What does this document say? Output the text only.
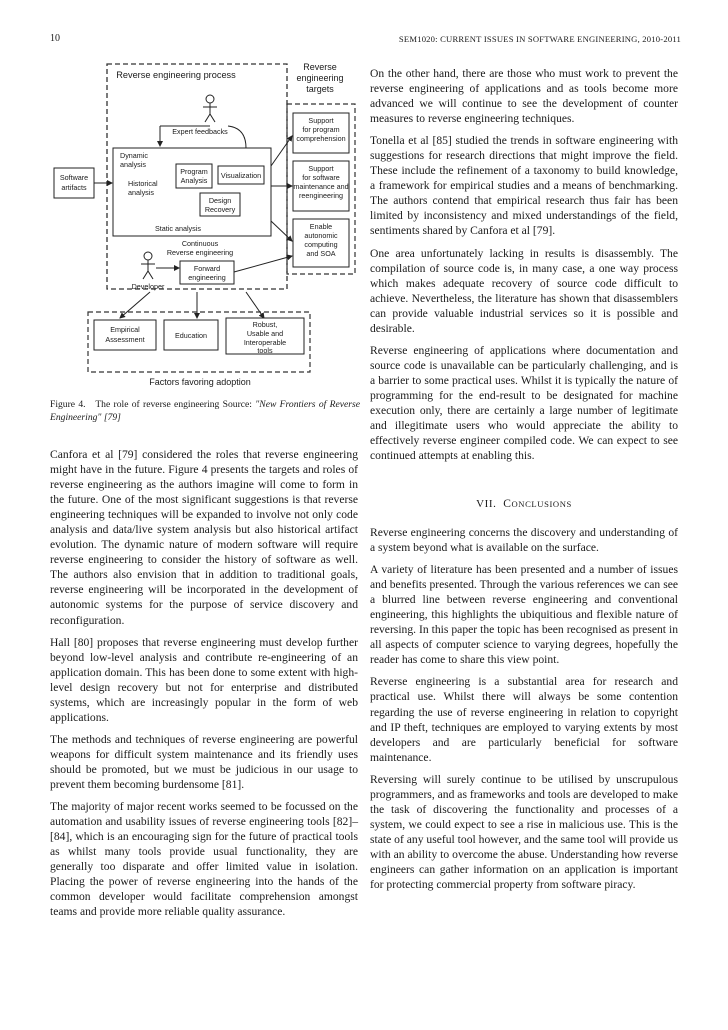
10	SEM1020: CURRENT ISSUES IN SOFTWARE ENGINEERING, 2010-2011
Reverse engineering process
Reverse
engineering
targets
Expert feedbacks
Software
artifacts
Dynamic
analysis
Historical
analysis
Program
Analysis
Visualization
Design
Recovery
Static analysis
Continuous
Reverse engineering
Forward
engineering
Developer
Support
for program
comprehension
Support
for software
maintenance and
reengineering
Enable
autonomic
computing
and SOA
Empirical
Assessment	Education
Robust,
Usable and
Interoperable
tools
Factors favoring adoption
Figure 4. The role of reverse engineering Source: "New Frontiers of Reverse Engineering" [79]

Canfora et al [79] considered the roles that reverse engineering might have in the future. Figure 4 presents the targets and roles of reverse engineering as the authors imagine will come to form in the future. One of the most significant suggestions is that reverse engineering techniques will be expanded to involve not only code analysis and data/live system analysis but also historical artifact evolution. The dynamic nature of modern software will require reverse engineering to consider the history of software as well. The authors also envision that in addition to traditional goals, reverse engineering will be incorporated in the development of autonomic systems for the purpose of service discovery and reconfiguration.

Hall [80] proposes that reverse engineering must develop further beyond low-level analysis and contribute re-engineering of an application domain. This has been done to some extent with high-level design recovery but not for enterprise and distributed systems, which are increasingly popular in the form of web applications.

The methods and techniques of reverse engineering are powerful weapons for difficult system maintenance and its friendly uses should be promoted, but we must be judicious in our usage to prevent them becoming burdensome [81].

The majority of major recent works seemed to be focussed on the automation and usability issues of reverse engineering tools [82]–[84], which is an encouraging sign for the future of practical tools as whilst many tools provide usual functionality, they are generally too disparate and offer limited value in isolation. Placing the power of reverse engineering into the hands of the common developer would facilitate comprehension amongst teams and provide more reliable quality assurance.

On the other hand, there are those who must work to prevent the reverse engineering of applications and as tools become more advanced we will continue to see the development of counter measures to reverse engineering techniques.

Tonella et al [85] studied the trends in software engineering with suggestions for research directions that might improve the field. These include the refinement of a taxonomy to build knowledge, a framework for empirical studies and a means of benchmarking. The authors contend that empirical research thus fair has been limited by inconsistency and mixed understandings of the field, sentiments shared by Canfora et al [79].

One area unfortunately lacking in results is disassembly. The compilation of source code is, in many case, a one way process which makes adequate recovery of source code difficult to achieve. Nevertheless, the literature has shown that disassemblers can provide valuable industrial services so it is possible and desirable.

Reverse engineering of applications where documentation and source code is unavailable can be particularly challenging, and is a barrier to some practical uses. Whilst it is typically the nature of programming for the end-result to be designated for machine execution only, there are certainly a large number of legitimate and illegitimate users who would appreciate the ability to effectively reverse engineer compiled code. We can expect to see continued attempts at enabling this.

Reverse engineering concerns the discovery and understanding of a system beyond what is available on the surface.

A variety of literature has been presented and a number of issues and benefits presented. Through the various references we can see a blurred line between reverse engineering and conventional engineering, this highlights the ubiquitious and flexible nature of reversing. In this paper the topic has been recognised as present in all aspects of computer science to varying degrees, hopefully the reader has come to share this view point.

Reverse engineering is a substantial area for research and practical use. Whilst there will always be some contention regarding the use of reverse engineering in relation to copyright and IP theft, techniques are employed to varying extents by most developers and are particularly beneficial for software maintenance.

Reversing will surely continue to be utilised by unscrupulous programmers, and as frameworks and tools are developed to make the task of discovering the functionality and processes of a system, we could expect to see a rise in malicious use. This is the state of any useful tool however, and the same tool will provide us with an ability to overcome the abuse. Understanding how reverse engineers can gather information on an application is important for protecting commercial property from software piracy.

VII. CONCLUSIONS
